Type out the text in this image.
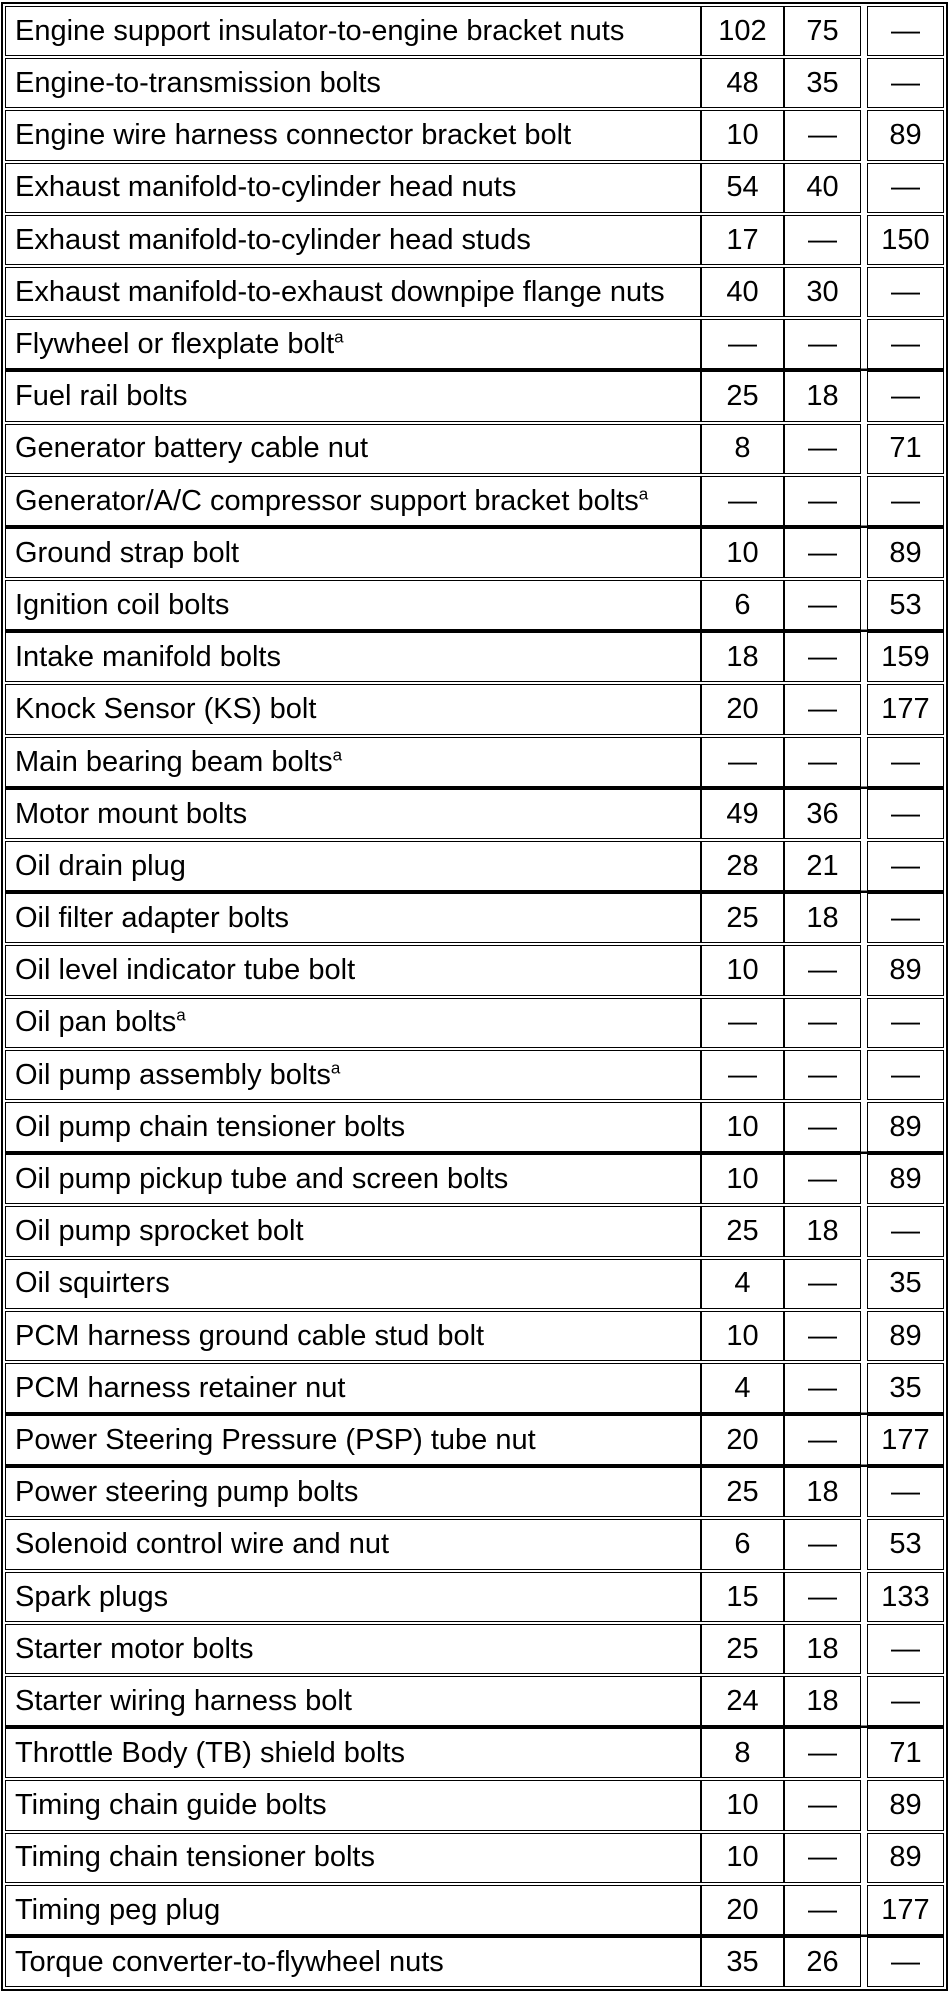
Engine support insulator-to-engine bracket nuts	102	75	—
Engine-to-transmission bolts	48	35	—
Engine wire harness connector bracket bolt	10	—	89
Exhaust manifold-to-cylinder head nuts	54	40	—
Exhaust manifold-to-cylinder head studs	17	—	150
Exhaust manifold-to-exhaust downpipe flange nuts	40	30	—
Flywheel or flexplate bolt$^a$	—	—	—
Fuel rail bolts	25	18	—
Generator battery cable nut	8	—	71
Generator/A/C compressor support bracket bolts$^a$	—	—	—
Ground strap bolt	10	—	89
Ignition coil bolts	6	—	53
Intake manifold bolts	18	—	159
Knock Sensor (KS) bolt	20	—	177
Main bearing beam bolts$^a$	—	—	—
Motor mount bolts	49	36	—
Oil drain plug	28	21	—
Oil filter adapter bolts	25	18	—
Oil level indicator tube bolt	10	—	89
Oil pan bolts$^a$	—	—	—
Oil pump assembly bolts$^a$	—	—	—
Oil pump chain tensioner bolts	10	—	89
Oil pump pickup tube and screen bolts	10	—	89
Oil pump sprocket bolt	25	18	—
Oil squirters	4	—	35
PCM harness ground cable stud bolt	10	—	89
PCM harness retainer nut	4	—	35
Power Steering Pressure (PSP) tube nut	20	—	177
Power steering pump bolts	25	18	—
Solenoid control wire and nut	6	—	53
Spark plugs	15	—	133
Starter motor bolts	25	18	—
Starter wiring harness bolt	24	18	—
Throttle Body (TB) shield bolts	8	—	71
Timing chain guide bolts	10	—	89
Timing chain tensioner bolts	10	—	89
Timing peg plug	20	—	177
Torque converter-to-flywheel nuts	35	26	—
